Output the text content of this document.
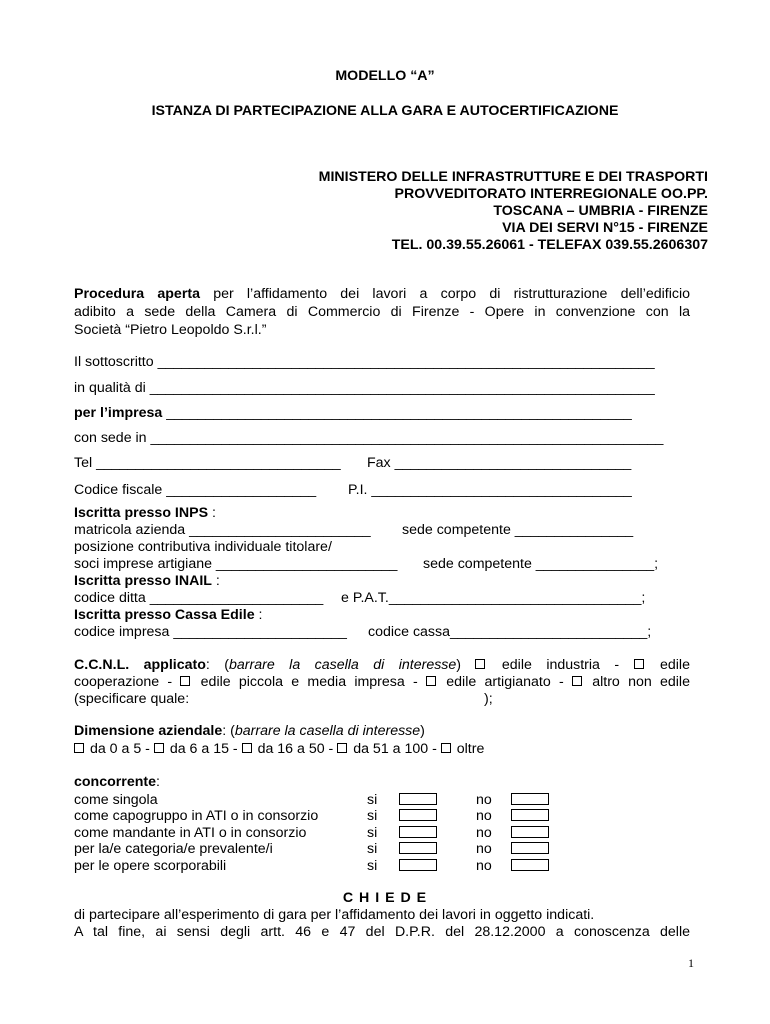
MODELLO “A”
ISTANZA DI PARTECIPAZIONE ALLA GARA E AUTOCERTIFICAZIONE
MINISTERO DELLE INFRASTRUTTURE E DEI TRASPORTI
PROVVEDITORATO INTERREGIONALE OO.PP.
TOSCANA – UMBRIA - FIRENZE
VIA DEI SERVI N°15 - FIRENZE
TEL. 00.39.55.26061 - TELEFAX 039.55.2606307
Procedura aperta per l’affidamento dei lavori a corpo di ristrutturazione dell’edificio
adibito a sede della Camera di Commercio di Firenze - Opere in convenzione con la
Società “Pietro Leopoldo S.r.l.”
Il sottoscritto _______________________________________________________________
in qualità di ________________________________________________________________
per l’impresa ___________________________________________________________
con sede in _________________________________________________________________
Tel _______________________________ Fax ______________________________
Codice fiscale ___________________ P.I. _________________________________
Iscritta presso INPS :
matricola azienda _______________________ sede competente _______________
posizione contributiva individuale titolare/
soci imprese artigiane _______________________ sede competente _______________;
Iscritta presso INAIL :
codice ditta ______________________ e P.A.T.________________________________;
Iscritta presso Cassa Edile :
codice impresa ______________________ codice cassa_________________________;
C.C.N.L. applicato: (barrare la casella di interesse)  edile industria -	edile
cooperazione - edile piccola e media impresa - edile artigianato - altro non edile
(specificare quale:	);
Dimensione aziendale: (barrare la casella di interesse)
da 0 a 5 - da 6 a 15 - da 16 a 50 - da 51 a 100 - oltre
concorrente:
come singola
come capogruppo in ATI o in consorzio
come mandante in ATI o in consorzio
per la/e categoria/e prevalente/i
per le opere scorporabili
si
si
si
si
si
no
no
no
no
no
C H I E D E
di partecipare all’esperimento di gara per l’affidamento dei lavori in oggetto indicati.
A tal fine, ai sensi degli artt. 46 e 47 del D.P.R. del 28.12.2000 a conoscenza delle
1
